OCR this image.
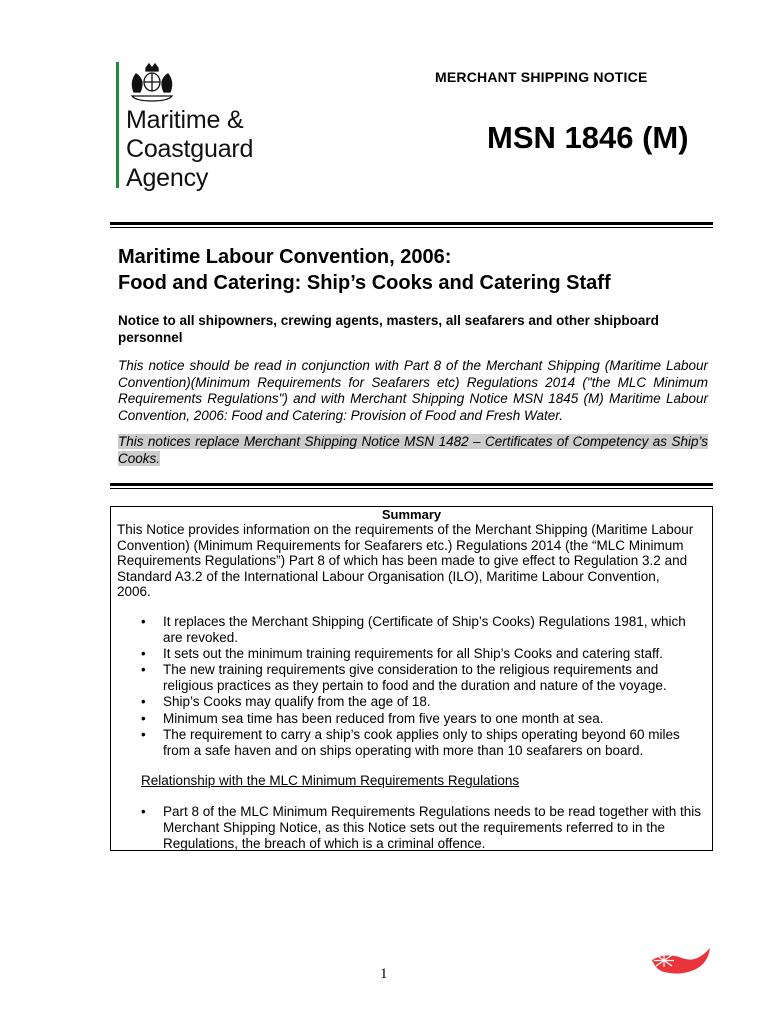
Maritime &
Coastguard
Agency
MERCHANT SHIPPING NOTICE
MSN 1846 (M)
Maritime Labour Convention, 2006:
Food and Catering: Ship’s Cooks and Catering Staff
Notice to all shipowners, crewing agents, masters, all seafarers and other shipboard personnel
This notice should be read in conjunction with Part 8 of the Merchant Shipping (Maritime Labour Convention)(Minimum Requirements for Seafarers etc) Regulations 2014 ("the MLC Minimum Requirements Regulations") and with Merchant Shipping Notice MSN 1845 (M) Maritime Labour Convention, 2006: Food and Catering: Provision of Food and Fresh Water.
This notices replace Merchant Shipping Notice MSN 1482 – Certificates of Competency as Ship’s Cooks.
Summary
This Notice provides information on the requirements of the Merchant Shipping (Maritime Labour Convention) (Minimum Requirements for Seafarers etc.) Regulations 2014 (the “MLC Minimum Requirements Regulations”) Part 8 of which has been made to give effect to Regulation 3.2 and Standard A3.2 of the International Labour Organisation (ILO), Maritime Labour Convention, 2006.
• It replaces the Merchant Shipping (Certificate of Ship’s Cooks) Regulations 1981, which are revoked.
• It sets out the minimum training requirements for all Ship’s Cooks and catering staff.
• The new training requirements give consideration to the religious requirements and religious practices as they pertain to food and the duration and nature of the voyage.
• Ship’s Cooks may qualify from the age of 18.
• Minimum sea time has been reduced from five years to one month at sea.
• The requirement to carry a ship’s cook applies only to ships operating beyond 60 miles from a safe haven and on ships operating with more than 10 seafarers on board.
Relationship with the MLC Minimum Requirements Regulations
• Part 8 of the MLC Minimum Requirements Regulations needs to be read together with this Merchant Shipping Notice, as this Notice sets out the requirements referred to in the Regulations, the breach of which is a criminal offence.
1
